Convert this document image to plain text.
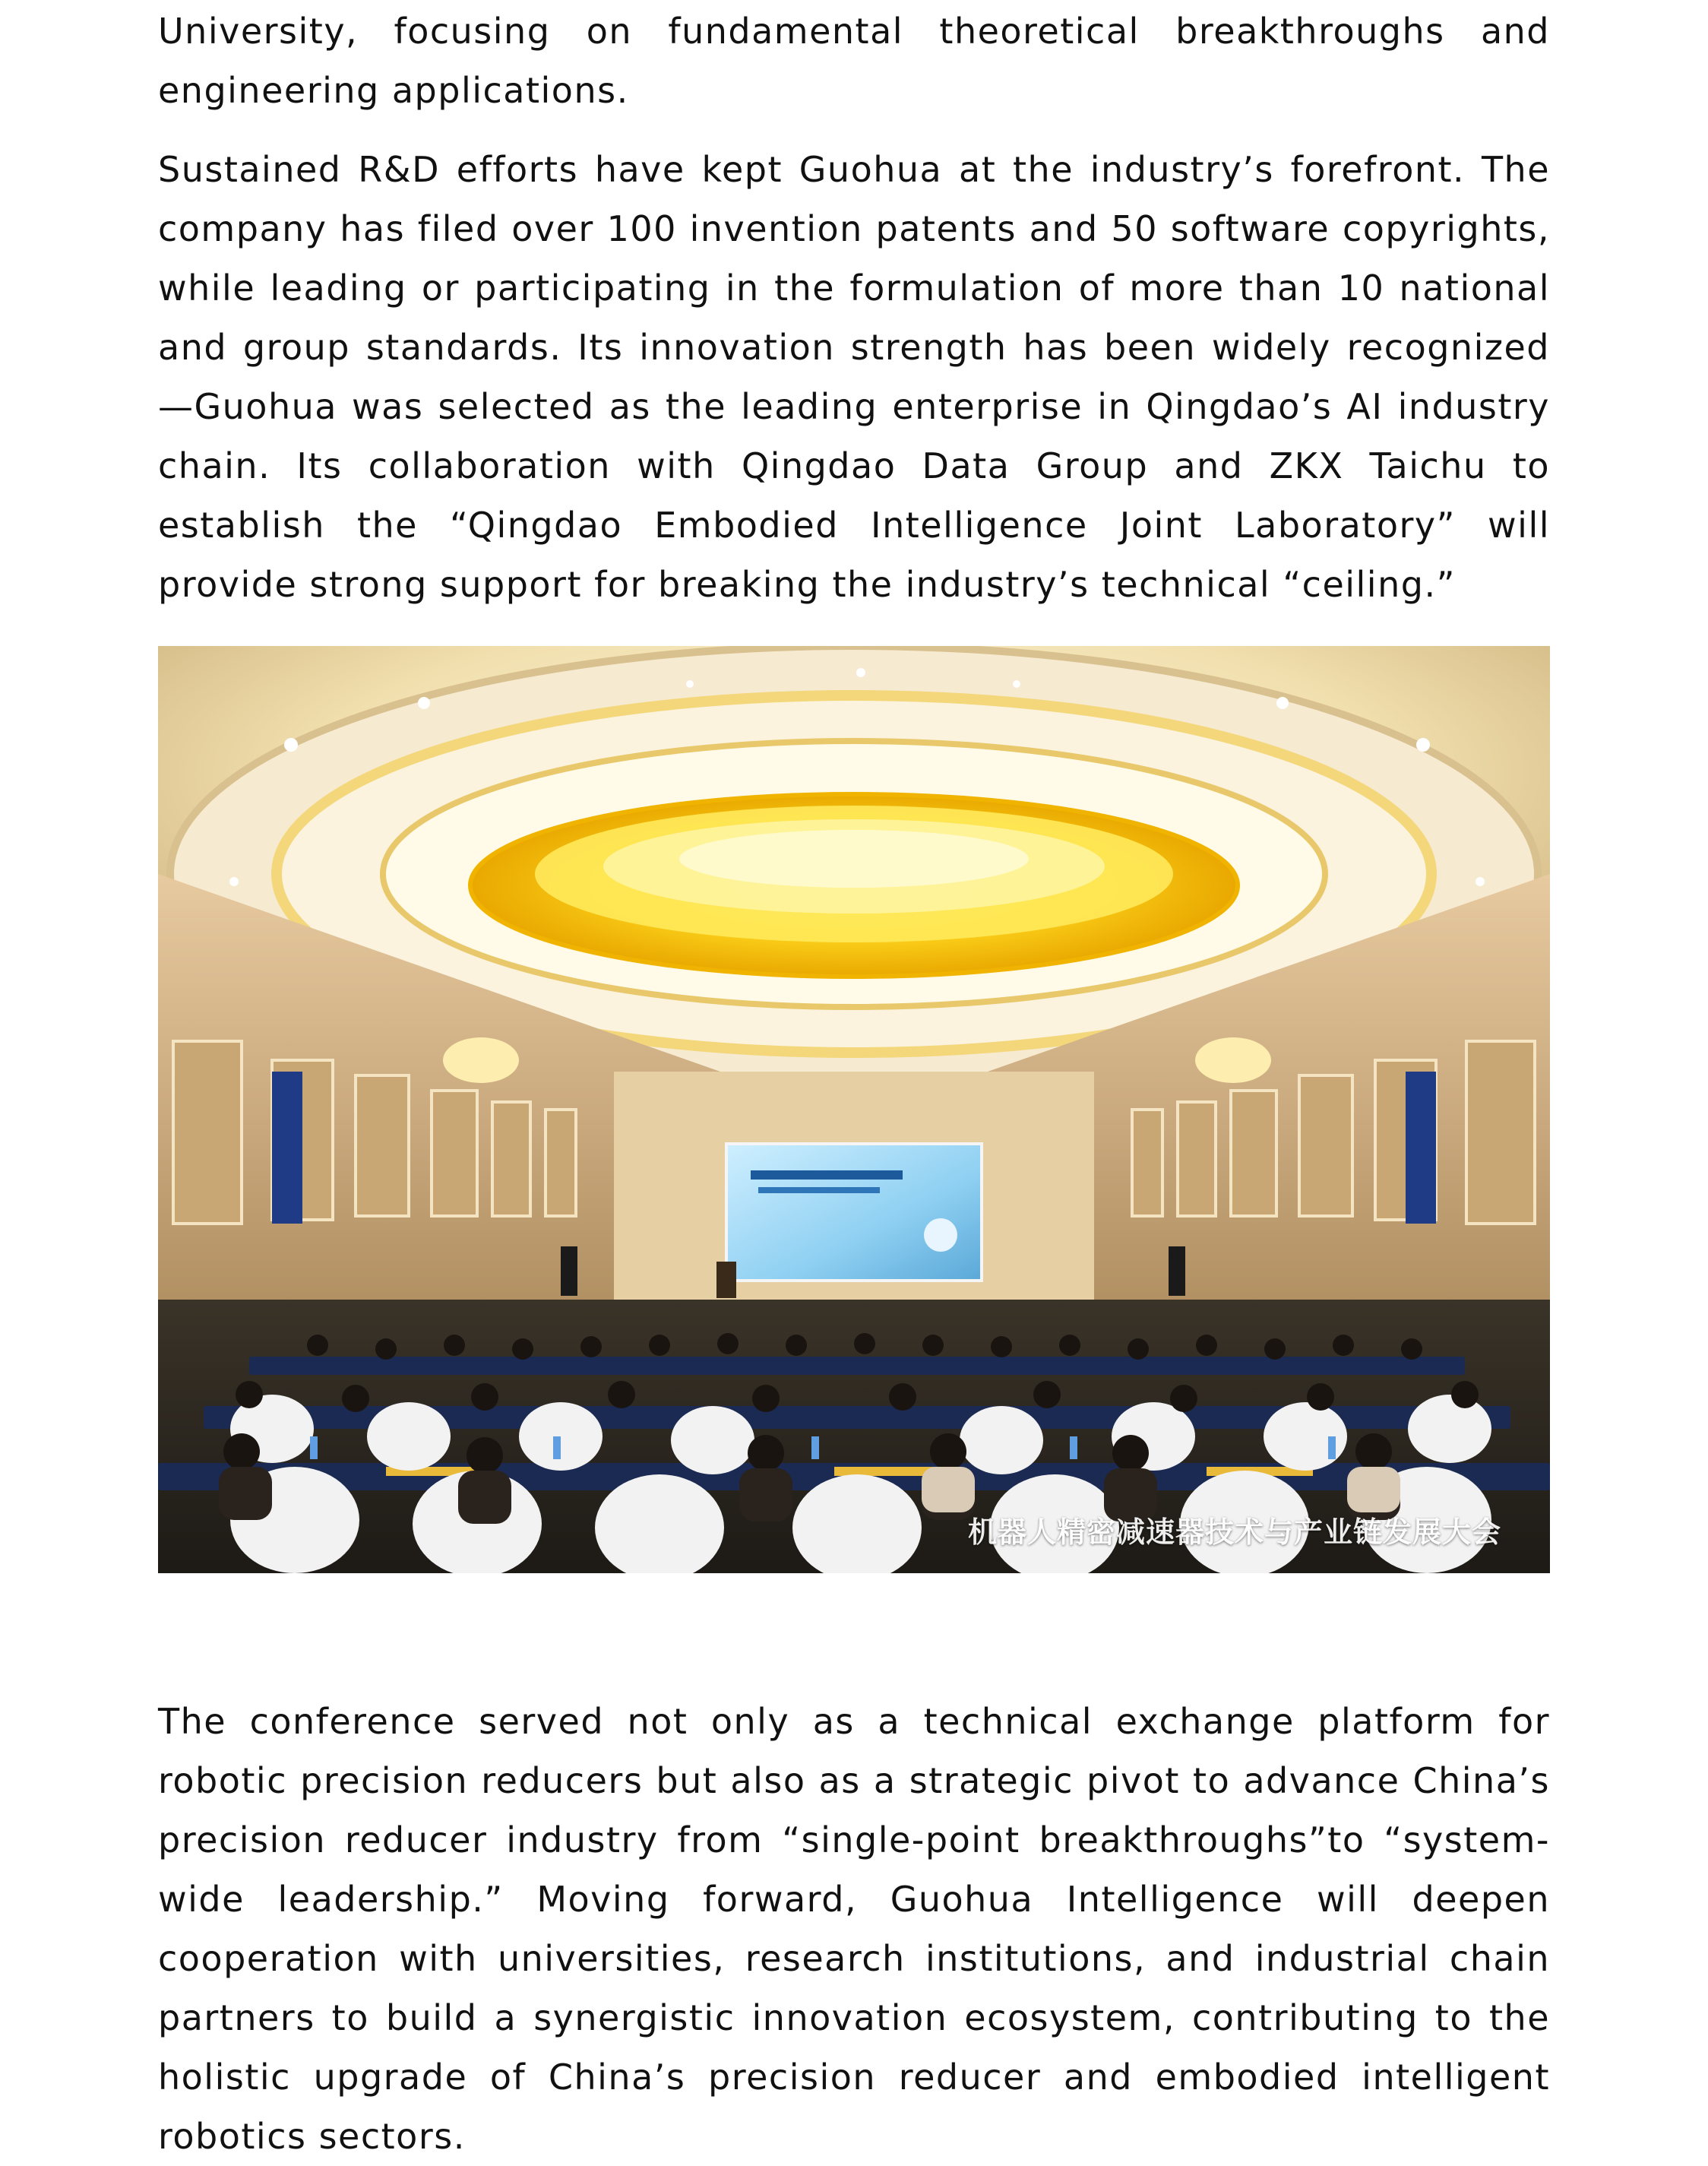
University, focusing on fundamental theoretical breakthroughs and engineering applications.

Sustained R&D efforts have kept Guohua at the industry’s forefront. The company has filed over 100 invention patents and 50 software copyrights, while leading or participating in the formulation of more than 10 national and group standards. Its innovation strength has been widely recognized—Guohua was selected as the leading enterprise in Qingdao’s AI industry chain. Its collaboration with Qingdao Data Group and ZKX Taichu to establish the “Qingdao Embodied Intelligence Joint Laboratory” will provide strong support for breaking the industry’s technical “ceiling.”

The conference served not only as a technical exchange platform for robotic precision reducers but also as a strategic pivot to advance China’s precision reducer industry from “single-point breakthroughs”to “system-wide leadership.” Moving forward, Guohua Intelligence will deepen cooperation with universities, research institutions, and industrial chain partners to build a synergistic innovation ecosystem, contributing to the holistic upgrade of China’s precision reducer and embodied intelligent robotics sectors.

机器人精密减速器技术与产业链发展大会
